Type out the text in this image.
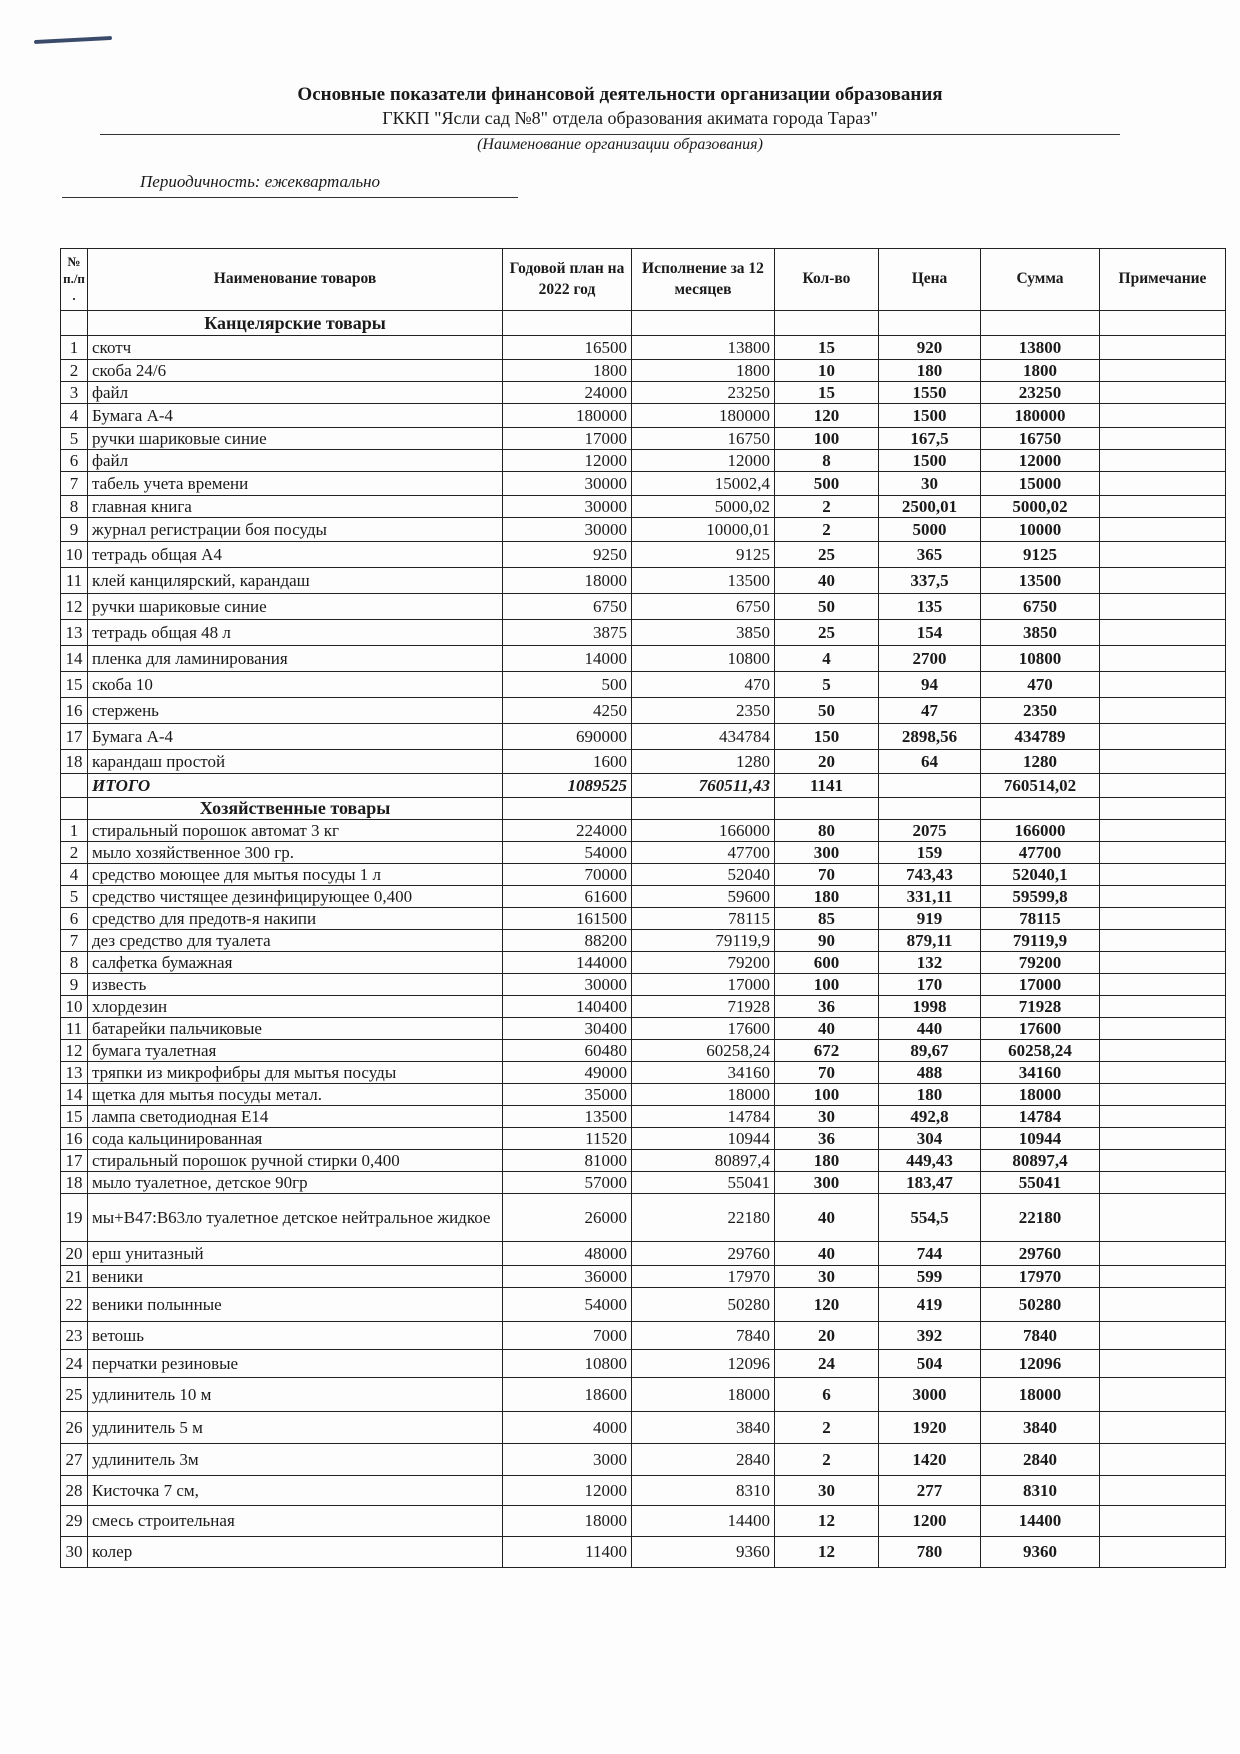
Основные показатели финансовой деятельности организации образования
ГККП "Ясли сад №8" отдела образования акимата города Тараз"
(Наименование организации образования)
Периодичность: ежеквартально
№ п./п .	Наименование товаров	Годовой план на 2022 год	Исполнение за 12 месяцев	Кол-во	Цена	Сумма	Примечание
	Канцелярские товары						
1	скотч	16500	13800	15	920	13800	
2	скоба 24/6	1800	1800	10	180	1800	
3	файл	24000	23250	15	1550	23250	
4	Бумага А-4	180000	180000	120	1500	180000	
5	ручки шариковые синие	17000	16750	100	167,5	16750	
6	файл	12000	12000	8	1500	12000	
7	табель учета времени	30000	15002,4	500	30	15000	
8	главная книга	30000	5000,02	2	2500,01	5000,02	
9	журнал регистрации боя посуды	30000	10000,01	2	5000	10000	
10	тетрадь общая А4	9250	9125	25	365	9125	
11	клей канцилярский, карандаш	18000	13500	40	337,5	13500	
12	ручки шариковые синие	6750	6750	50	135	6750	
13	тетрадь общая 48 л	3875	3850	25	154	3850	
14	пленка для ламинирования	14000	10800	4	2700	10800	
15	скоба 10	500	470	5	94	470	
16	стержень	4250	2350	50	47	2350	
17	Бумага А-4	690000	434784	150	2898,56	434789	
18	карандаш простой	1600	1280	20	64	1280	
	ИТОГО	1089525	760511,43	1141		760514,02	
	Хозяйственные товары						
1	стиральный порошок автомат 3 кг	224000	166000	80	2075	166000	
2	мыло хозяйственное 300 гр.	54000	47700	300	159	47700	
4	средство моющее для мытья посуды 1 л	70000	52040	70	743,43	52040,1	
5	средство чистящее дезинфицирующее 0,400	61600	59600	180	331,11	59599,8	
6	средство для предотв-я накипи	161500	78115	85	919	78115	
7	дез средство для туалета	88200	79119,9	90	879,11	79119,9	
8	салфетка бумажная	144000	79200	600	132	79200	
9	известь	30000	17000	100	170	17000	
10	хлордезин	140400	71928	36	1998	71928	
11	батарейки пальчиковые	30400	17600	40	440	17600	
12	бумага туалетная	60480	60258,24	672	89,67	60258,24	
13	тряпки из микрофибры для мытья посуды	49000	34160	70	488	34160	
14	щетка для мытья посуды метал.	35000	18000	100	180	18000	
15	лампа светодиодная Е14	13500	14784	30	492,8	14784	
16	сода кальцинированная	11520	10944	36	304	10944	
17	стиральный порошок ручной стирки 0,400	81000	80897,4	180	449,43	80897,4	
18	мыло туалетное, детское 90гр	57000	55041	300	183,47	55041	
19	мы+B47:B63ло туалетное детское нейтральное жидкое	26000	22180	40	554,5	22180	
20	ерш унитазный	48000	29760	40	744	29760	
21	веники	36000	17970	30	599	17970	
22	веники полынные	54000	50280	120	419	50280	
23	ветошь	7000	7840	20	392	7840	
24	перчатки резиновые	10800	12096	24	504	12096	
25	удлинитель 10 м	18600	18000	6	3000	18000	
26	удлинитель 5 м	4000	3840	2	1920	3840	
27	удлинитель 3м	3000	2840	2	1420	2840	
28	Кисточка 7 см,	12000	8310	30	277	8310	
29	смесь строительная	18000	14400	12	1200	14400	
30	колер	11400	9360	12	780	9360	
